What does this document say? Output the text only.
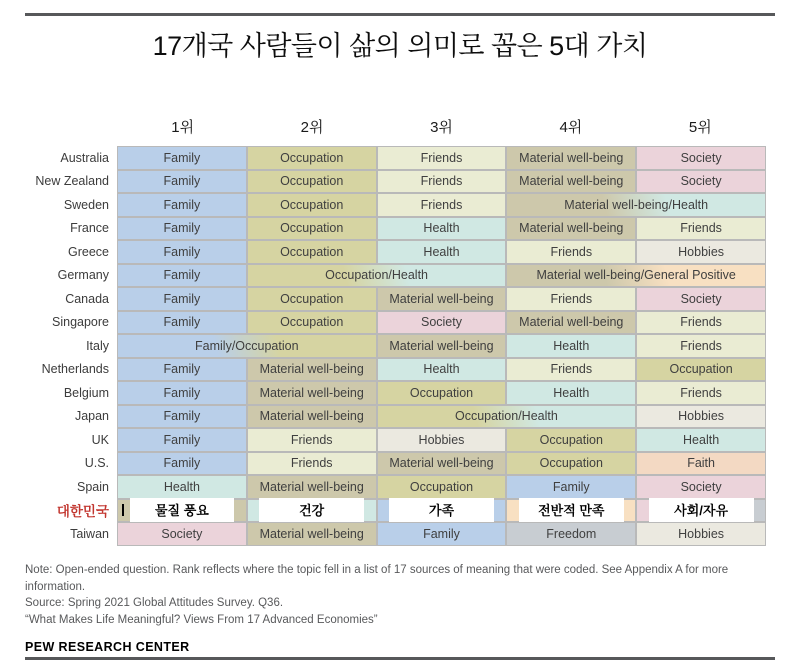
17개국 사람들이 삶의 의미로 꼽은 5대 가치
1위	2위	3위	4위	5위
Australia	Family	Occupation	Friends	Material well-being	Society
New Zealand	Family	Occupation	Friends	Material well-being	Society
Sweden	Family	Occupation	Friends	Material well-being/Health
France	Family	Occupation	Health	Material well-being	Friends
Greece	Family	Occupation	Health	Friends	Hobbies
Germany	Family	Occupation/Health	Material well-being/General Positive
Canada	Family	Occupation	Material well-being	Friends	Society
Singapore	Family	Occupation	Society	Material well-being	Friends
Italy	Family/Occupation	Material well-being	Health	Friends
Netherlands	Family	Material well-being	Health	Friends	Occupation
Belgium	Family	Material well-being	Occupation	Health	Friends
Japan	Family	Material well-being	Occupation/Health	Hobbies
UK	Family	Friends	Hobbies	Occupation	Health
U.S.	Family	Friends	Material well-being	Occupation	Faith
Spain	Health	Material well-being	Occupation	Family	Society
대한민국	물질 풍요	건강	가족	전반적 만족	사회/자유
Taiwan	Society	Material well-being	Family	Freedom	Hobbies
Note: Open-ended question. Rank reflects where the topic fell in a list of 17 sources of meaning that were coded. See Appendix A for more information.
Source: Spring 2021 Global Attitudes Survey. Q36.
“What Makes Life Meaningful? Views From 17 Advanced Economies”
PEW RESEARCH CENTER
